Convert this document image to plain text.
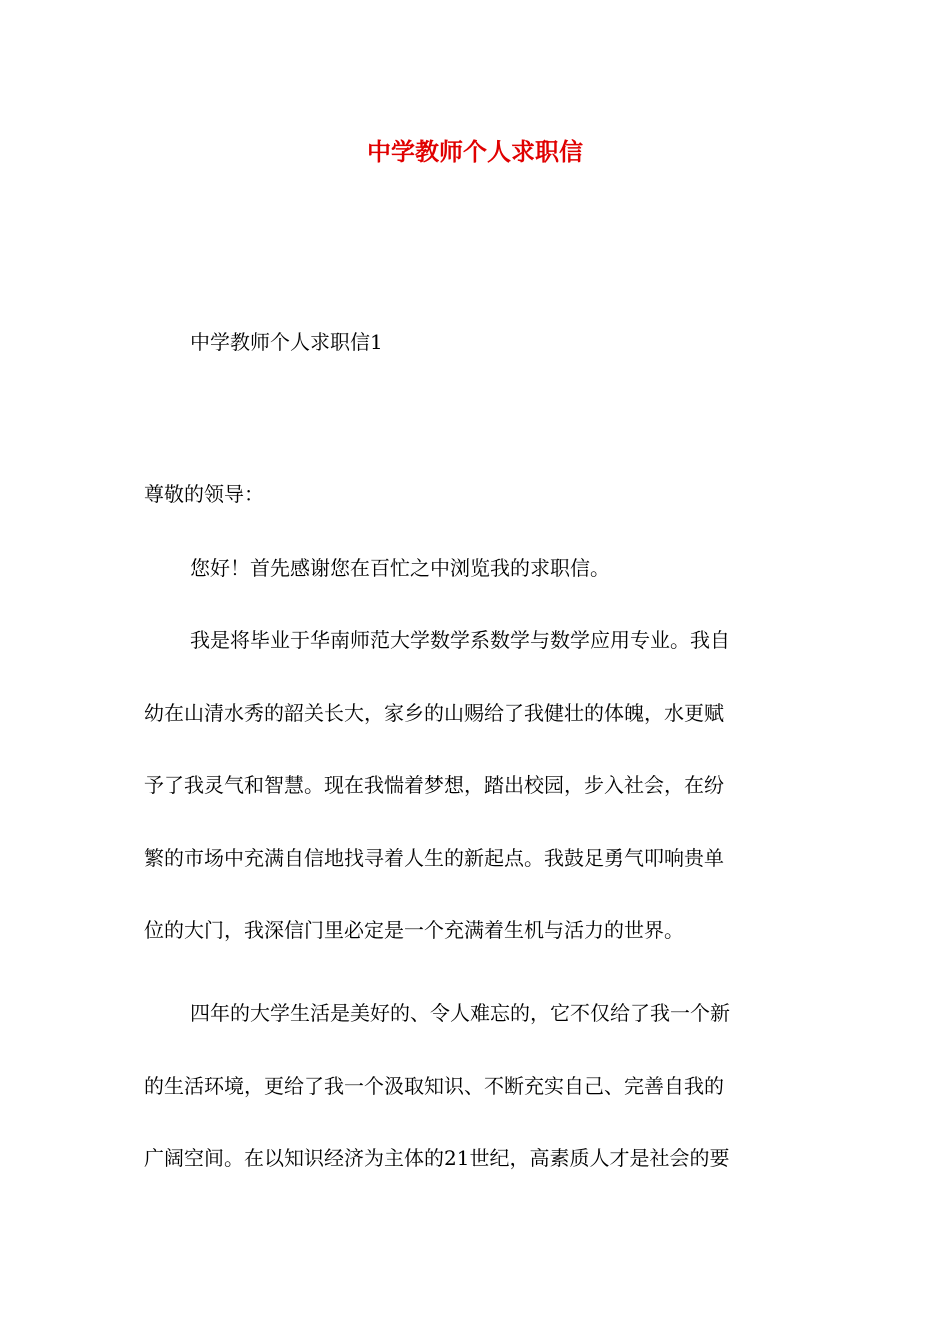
中学教师个人求职信
中学教师个人求职信1
尊敬的领导：
您好！首先感谢您在百忙之中浏览我的求职信。
我是将毕业于华南师范大学数学系数学与数学应用专业。我自
幼在山清水秀的韶关长大，家乡的山赐给了我健壮的体魄，水更赋
予了我灵气和智慧。现在我惴着梦想，踏出校园，步入社会，在纷
繁的市场中充满自信地找寻着人生的新起点。我鼓足勇气叩响贵单
位的大门，我深信门里必定是一个充满着生机与活力的世界。
四年的大学生活是美好的、令人难忘的，它不仅给了我一个新
的生活环境，更给了我一个汲取知识、不断充实自己、完善自我的
广阔空间。在以知识经济为主体的21世纪，高素质人才是社会的要
